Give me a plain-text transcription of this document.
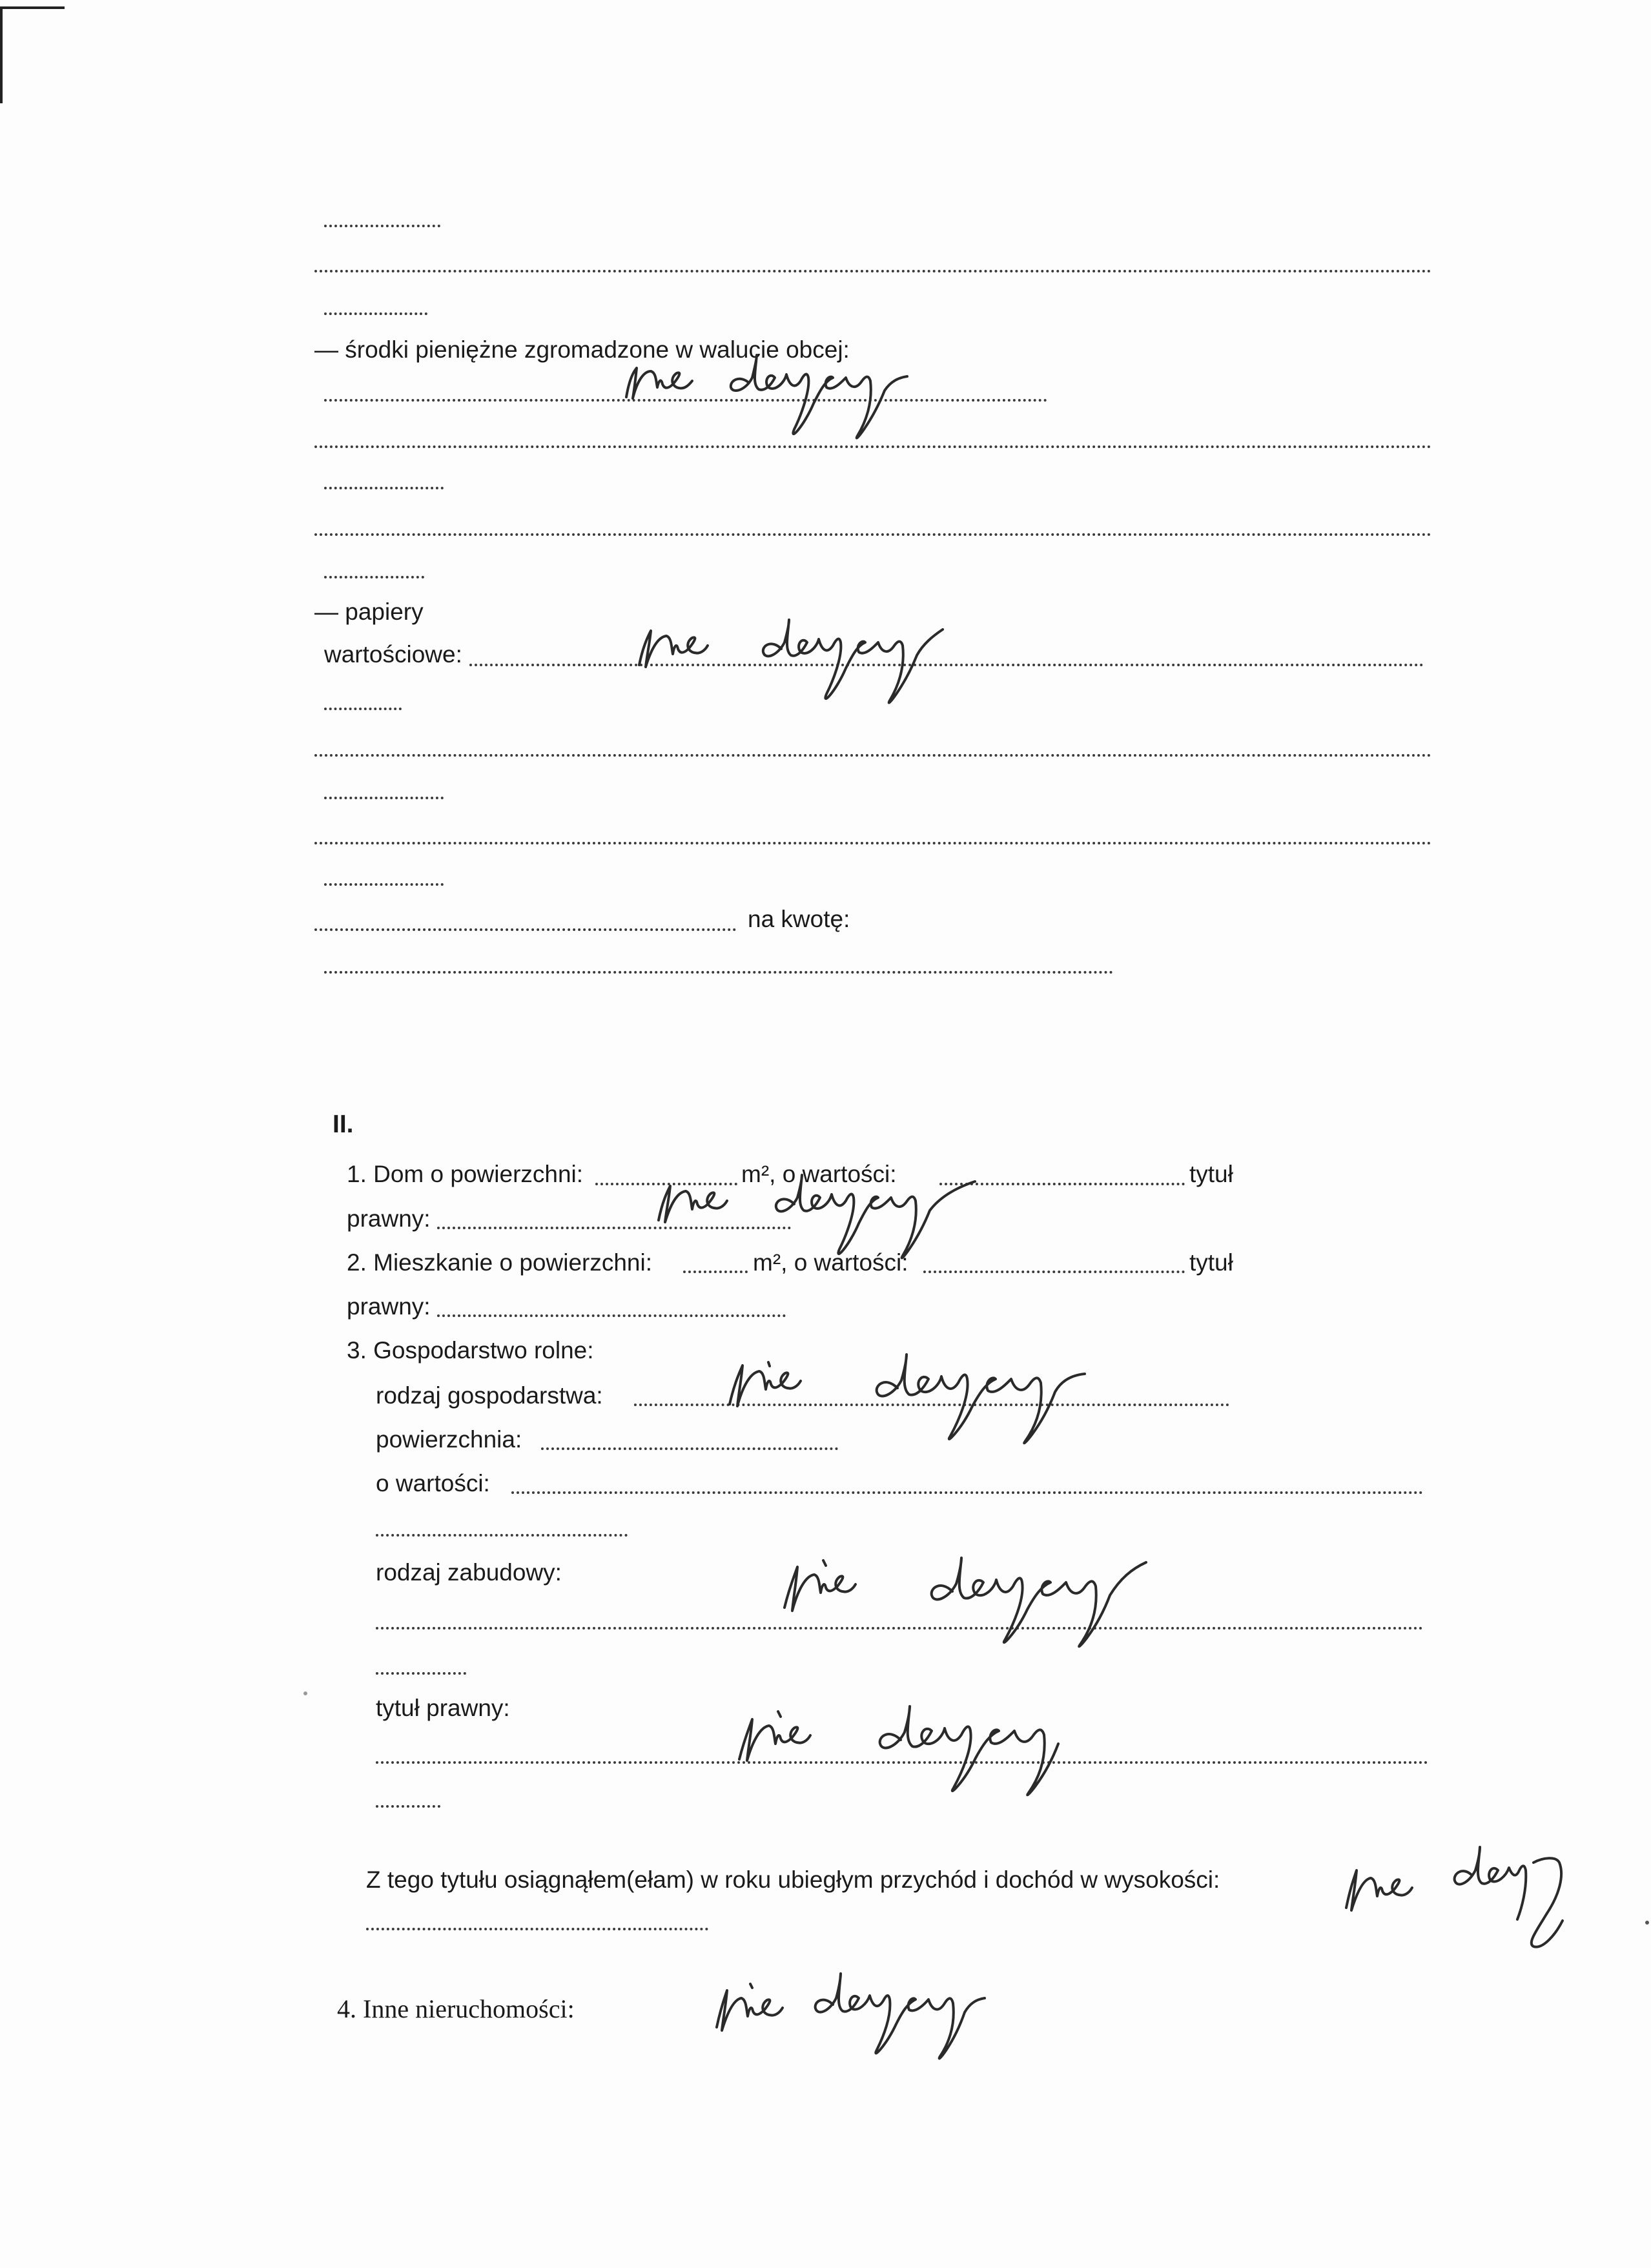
— środki pieniężne zgromadzone w walucie obcej:
— papiery
wartościowe:
na kwotę:
II.
1. Dom o powierzchni:	m², o wartości:	tytuł
prawny:
2. Mieszkanie o powierzchni:	m², o wartości:	tytuł
prawny:
3. Gospodarstwo rolne:
rodzaj gospodarstwa:
powierzchnia:
o wartości:
rodzaj zabudowy:
tytuł prawny:
Z tego tytułu osiągnąłem(ełam) w roku ubiegłym przychód i dochód w wysokości:
4. Inne nieruchomości:
